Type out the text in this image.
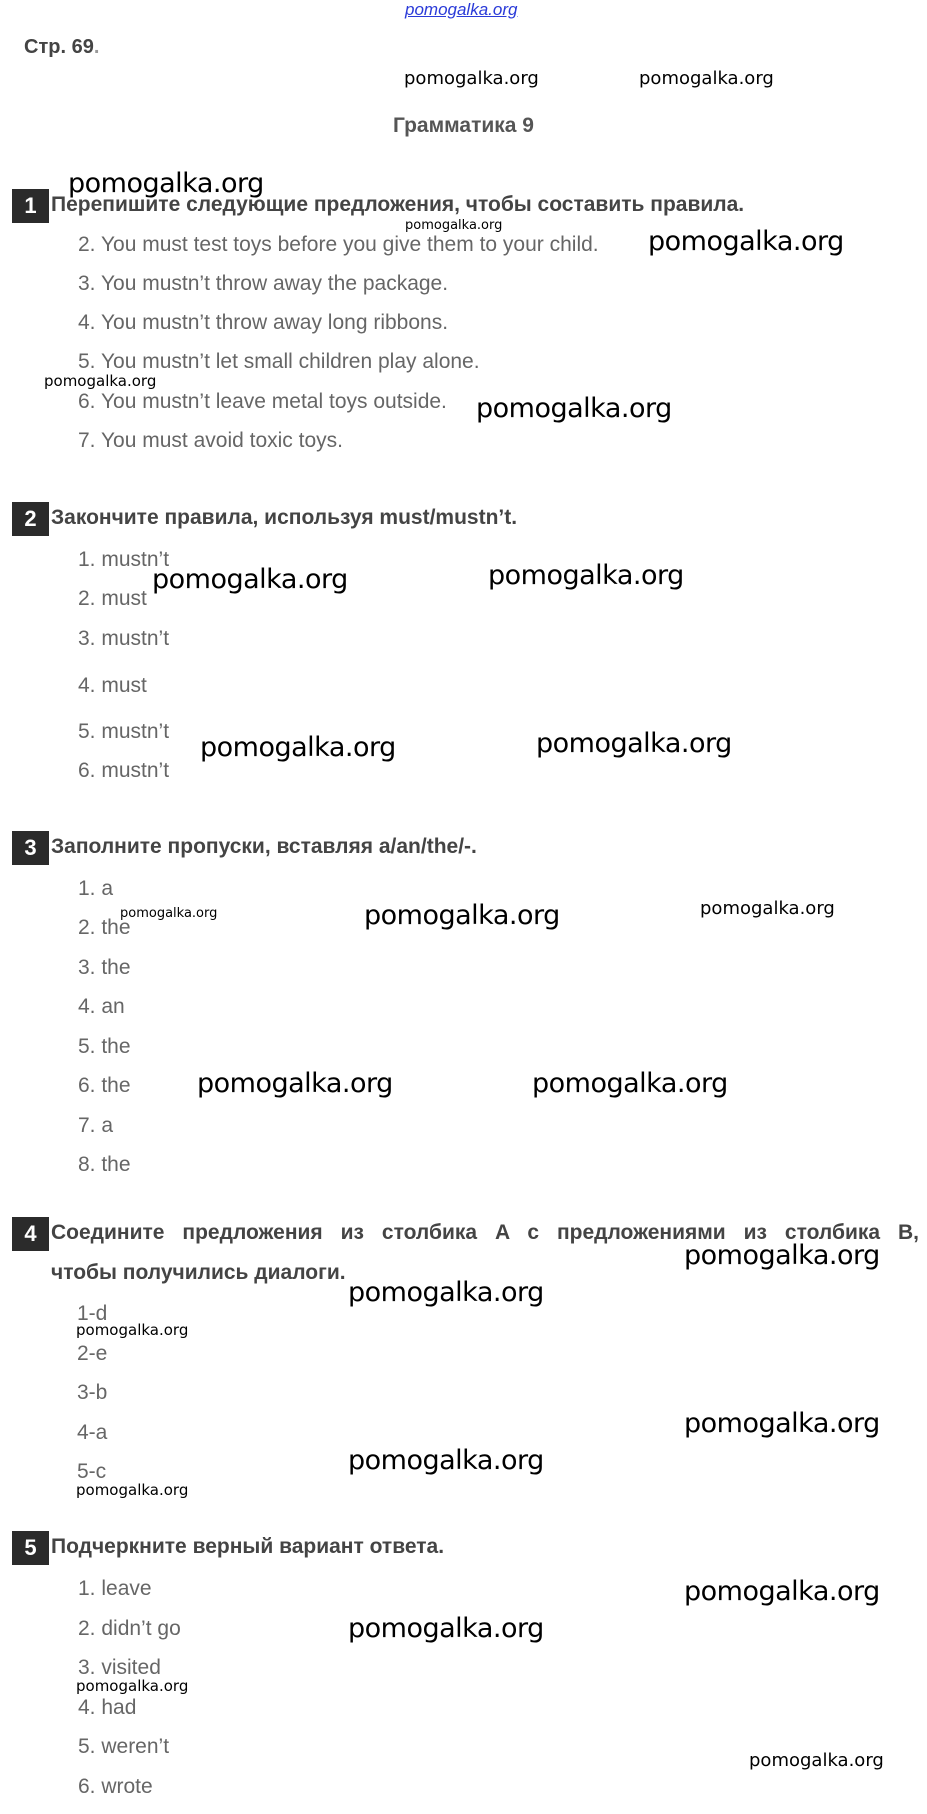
pomogalka.org
Стр. 69.
Грамматика 9
1 Перепишите следующие предложения, чтобы составить правила.
2. You must test toys before you give them to your child.
3. You mustn’t throw away the package.
4. You mustn’t throw away long ribbons.
5. You mustn’t let small children play alone.
6. You mustn’t leave metal toys outside.
7. You must avoid toxic toys.
2 Закончите правила, используя must/mustn’t.
1. mustn’t
2. must
3. mustn’t
4. must
5. mustn’t
6. mustn’t
3 Заполните пропуски, вставляя a/an/the/-.
1. a
2. the
3. the
4. an
5. the
6. the
7. a
8. the
4 Соедините предложения из столбика A с предложениями из столбика B,
чтобы получились диалоги.
1-d
2-e
3-b
4-a
5-c
5 Подчеркните верный вариант ответа.
1. leave
2. didn’t go
3. visited
4. had
5. weren’t
6. wrote
pomogalka.org	pomogalka.org
pomogalka.org
pomogalka.org
pomogalka.org
pomogalka.org
pomogalka.org
pomogalka.org	pomogalka.org
pomogalka.org	pomogalka.org
pomogalka.org	pomogalka.org	pomogalka.org
pomogalka.org	pomogalka.org
pomogalka.org
pomogalka.org
pomogalka.org
pomogalka.org
pomogalka.org
pomogalka.org
pomogalka.org
pomogalka.org
pomogalka.org
pomogalka.org
